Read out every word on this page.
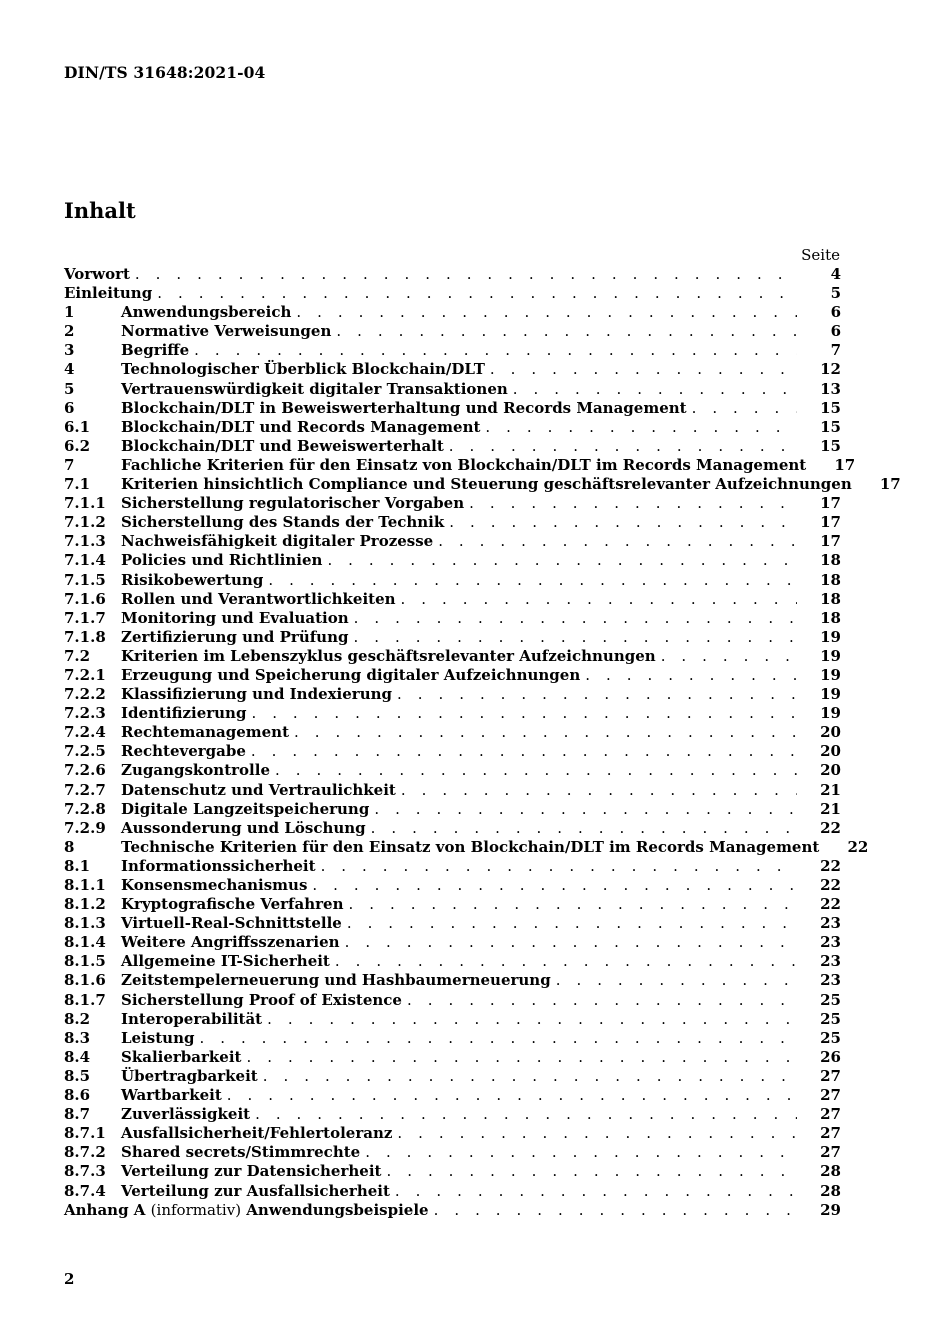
DIN/TS 31648:2021-04
Inhalt
Seite
Vorwort . . .	4
Einleitung . . .	5
1	Anwendungsbereich . . .	6
2	Normative Verweisungen . . .	6
3	Begriffe . . .	7
4	Technologischer Überblick Blockchain/DLT . . .	12
5	Vertrauenswürdigkeit digitaler Transaktionen . . .	13
6	Blockchain/DLT in Beweiswerterhaltung und Records Management . . .	15
6.1	Blockchain/DLT und Records Management . . .	15
6.2	Blockchain/DLT und Beweiswerterhalt . . .	15
7	Fachliche Kriterien für den Einsatz von Blockchain/DLT im Records Management	17
7.1	Kriterien hinsichtlich Compliance und Steuerung geschäftsrelevanter Aufzeichnungen	17
7.1.1	Sicherstellung regulatorischer Vorgaben . . .	17
7.1.2	Sicherstellung des Stands der Technik . . .	17
7.1.3	Nachweisfähigkeit digitaler Prozesse . . .	17
7.1.4	Policies und Richtlinien . . .	18
7.1.5	Risikobewertung . . .	18
7.1.6	Rollen und Verantwortlichkeiten . . .	18
7.1.7	Monitoring und Evaluation . . .	18
7.1.8	Zertifizierung und Prüfung . . .	19
7.2	Kriterien im Lebenszyklus geschäftsrelevanter Aufzeichnungen . . .	19
7.2.1	Erzeugung und Speicherung digitaler Aufzeichnungen . . .	19
7.2.2	Klassifizierung und Indexierung . . .	19
7.2.3	Identifizierung . . .	19
7.2.4	Rechtemanagement . . .	20
7.2.5	Rechtevergabe . . .	20
7.2.6	Zugangskontrolle . . .	20
7.2.7	Datenschutz und Vertraulichkeit . . .	21
7.2.8	Digitale Langzeitspeicherung . . .	21
7.2.9	Aussonderung und Löschung . . .	22
8	Technische Kriterien für den Einsatz von Blockchain/DLT im Records Management	22
8.1	Informationssicherheit . . .	22
8.1.1	Konsensmechanismus . . .	22
8.1.2	Kryptografische Verfahren . . .	22
8.1.3	Virtuell-Real-Schnittstelle . . .	23
8.1.4	Weitere Angriffsszenarien . . .	23
8.1.5	Allgemeine IT-Sicherheit . . .	23
8.1.6	Zeitstempelerneuerung und Hashbaumerneuerung . . .	23
8.1.7	Sicherstellung Proof of Existence . . .	25
8.2	Interoperabilität . . .	25
8.3	Leistung . . .	25
8.4	Skalierbarkeit . . .	26
8.5	Übertragbarkeit . . .	27
8.6	Wartbarkeit . . .	27
8.7	Zuverlässigkeit . . .	27
8.7.1	Ausfallsicherheit/Fehlertoleranz . . .	27
8.7.2	Shared secrets/Stimmrechte . . .	27
8.7.3	Verteilung zur Datensicherheit . . .	28
8.7.4	Verteilung zur Ausfallsicherheit . . .	28
Anhang A (informativ) Anwendungsbeispiele . . .	29
2
